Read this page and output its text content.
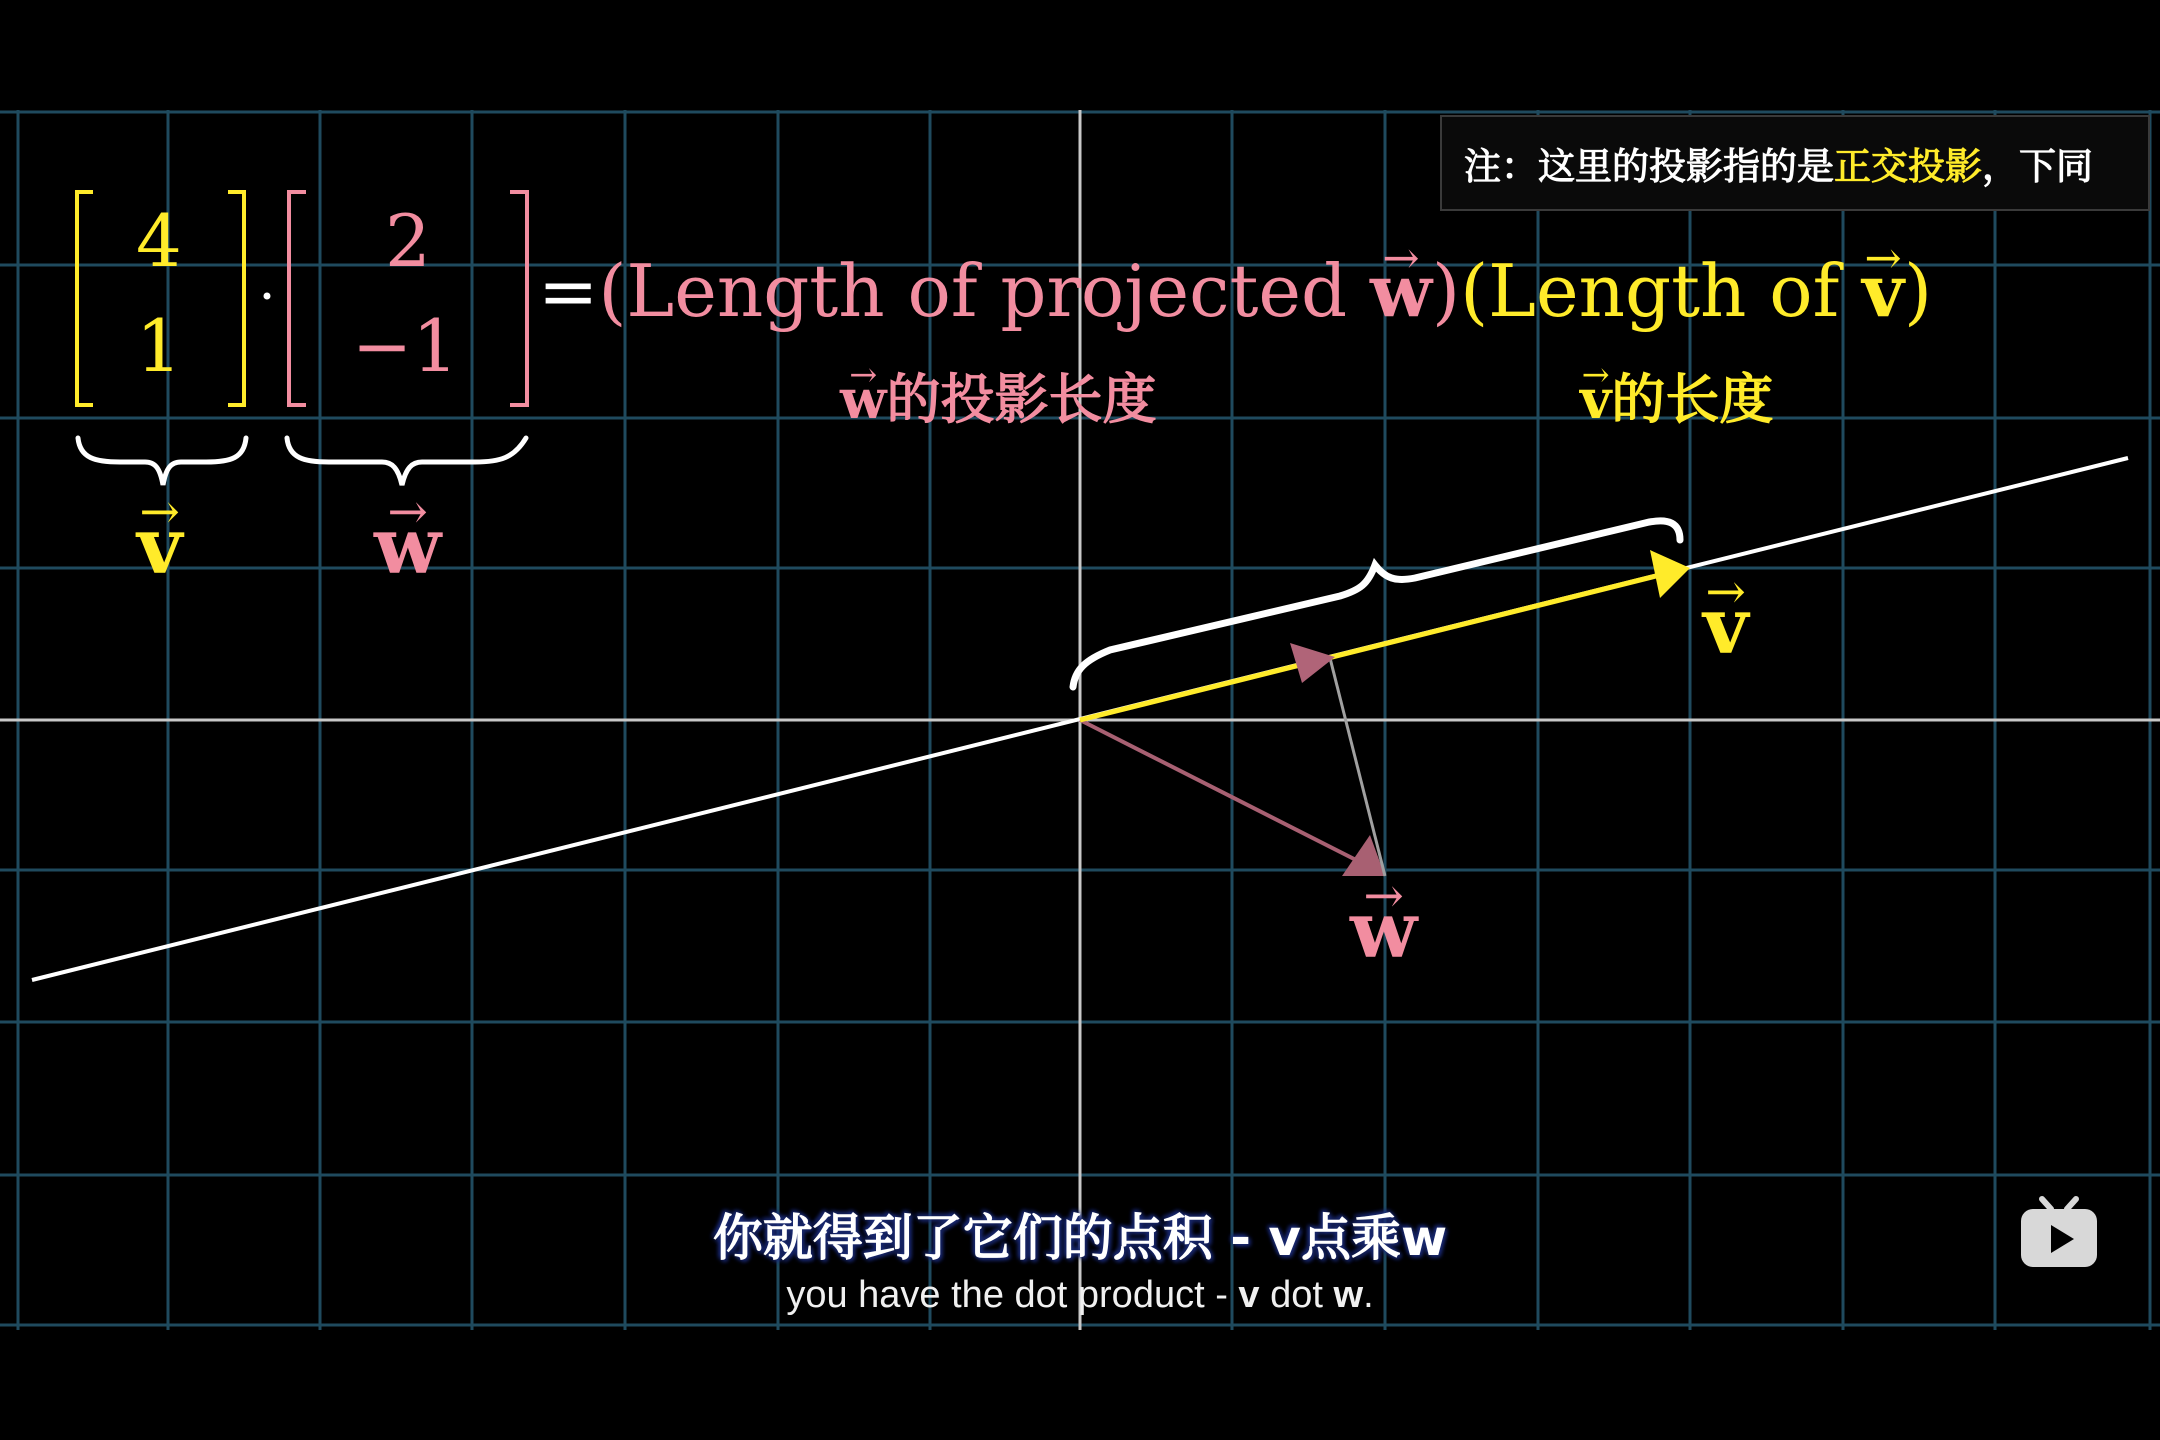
4
1
2
−1
=(Length of projected → w)(Length of → v)
→ w的投影长度	→ v的长度
→ v → w
→ v
→ w
注：这里的投影指的是 正交投影 ，下同
你就得到了它们的点积 - v点乘w
you have the dot product - v dot w.
